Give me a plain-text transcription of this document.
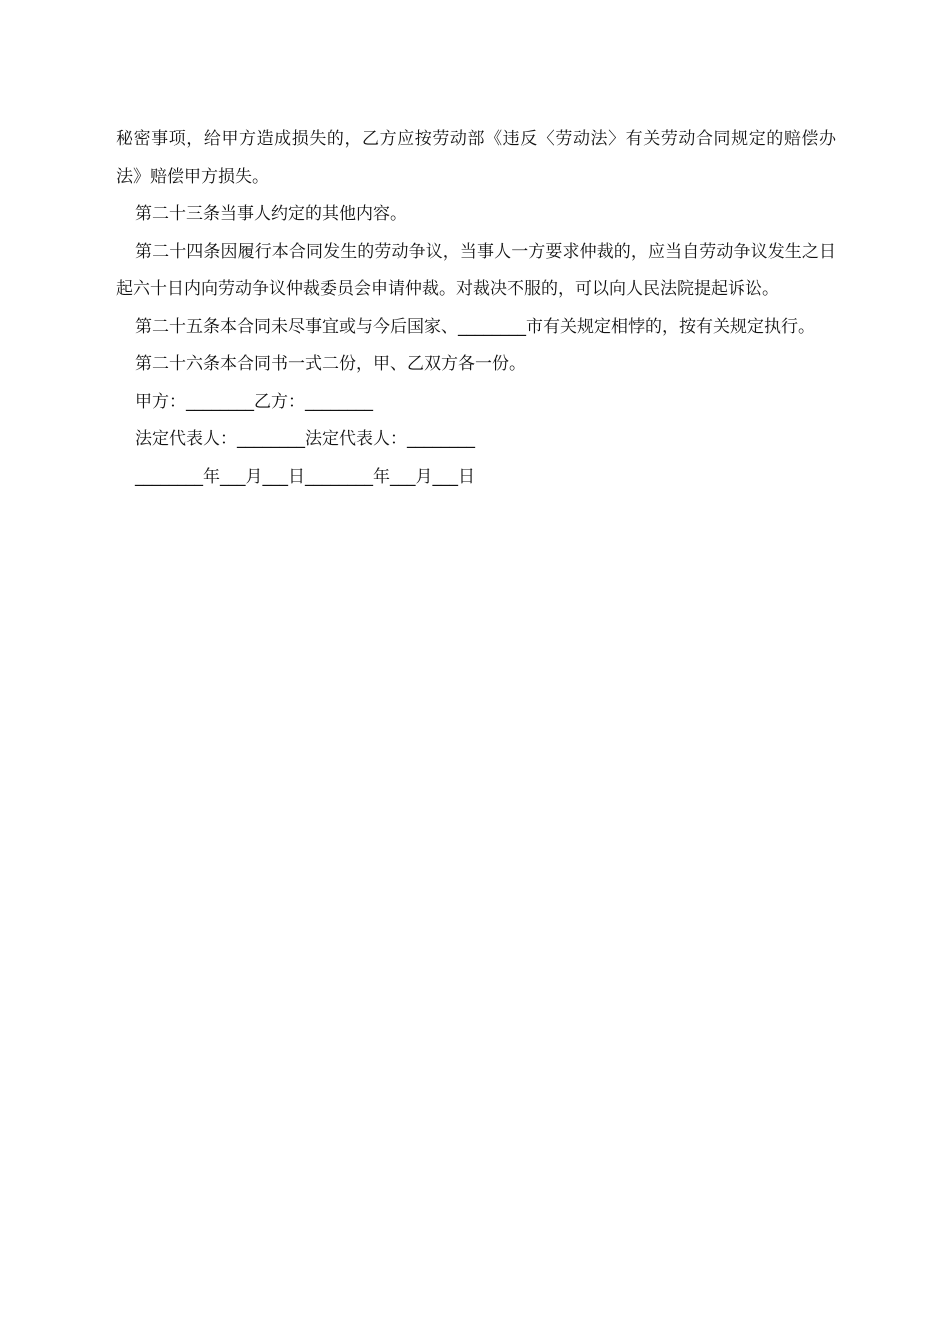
秘密事项，给甲方造成损失的，乙方应按劳动部《违反〈劳动法〉有关劳动合同规定的赔偿办法》赔偿甲方损失。

第二十三条当事人约定的其他内容。

第二十四条因履行本合同发生的劳动争议，当事人一方要求仲裁的，应当自劳动争议发生之日起六十日内向劳动争议仲裁委员会申请仲裁。对裁决不服的，可以向人民法院提起诉讼。

第二十五条本合同未尽事宜或与今后国家、________市有关规定相悖的，按有关规定执行。

第二十六条本合同书一式二份，甲、乙双方各一份。

甲方：________乙方：________

法定代表人：________法定代表人：________

________年___月___日________年___月___日
